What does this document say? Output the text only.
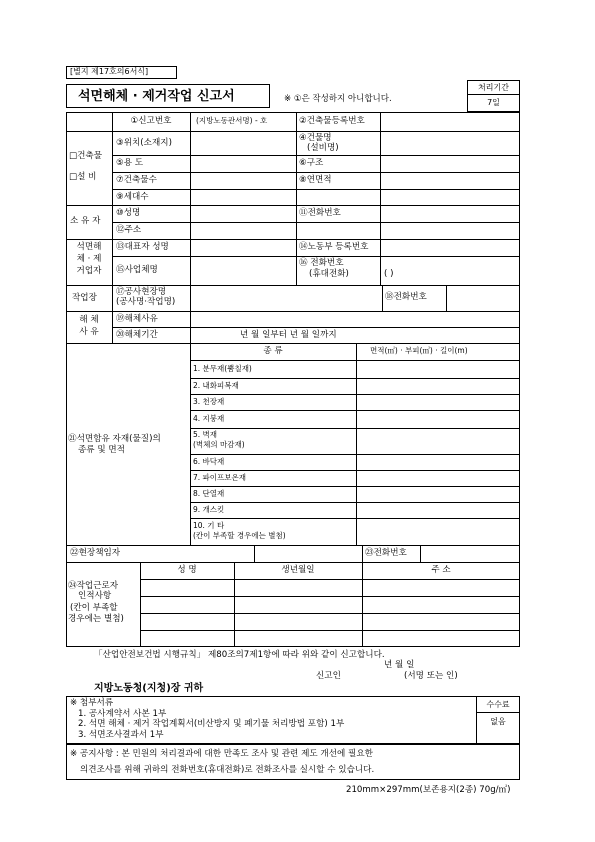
[별지 제17호의6서식]
석면해체 · 제거작업 신고서	※ ①은 작성하지 아니합니다.
처리기간
7일
①신고번호	(지방노동관서명) - 호	②건축물등록번호
□건축물
□설 비
③위치(소재지)	④건물명
(설비명)
⑤용 도	⑥구조
⑦건축물수	⑧연면적
⑨세대수
소 유 자
⑩성명	⑪전화번호
⑫주소
석면해
체 · 제
거업자
⑬대표자 성명	⑭노동부 등록번호
⑮사업체명
⑯ 전화번호
(휴대전화)	( )
작업장
⑰공사현장명
(공사명·작업명)	⑱전화번호
해 체
사 유
⑲해체사유
⑳해체기간	년 월 일부터 년 월 일까지
㉑석면함유 자재(물질)의
종류 및 면적
종 류	면적(㎡) · 부피(㎥) · 길이(m)
1. 분무재(뿜칠재)
2. 내화피복재
3. 천장재
4. 지붕재
5. 벽재
(벽체의 마감재)
6. 바닥재
7. 파이프보온재
8. 단열재
9. 개스킷
10. 기 타
(칸이 부족할 경우에는 별첨)
㉒현장책임자	㉓전화번호
㉔작업근로자
인적사항
(칸이 부족할
경우에는 별첨)
성 명	생년월일	주 소
「산업안전보건법 시행규칙」 제80조의7제1항에 따라 위와 같이 신고합니다.
년 월 일
신고인	(서명 또는 인)
지방노동청(지청)장 귀하
※ 첨부서류
1. 공사계약서 사본 1부
2. 석면 해체 · 제거 작업계획서(비산방지 및 폐기물 처리방법 포함) 1부
3. 석면조사결과서 1부
수수료
없음
※ 공지사항 : 본 민원의 처리결과에 대한 만족도 조사 및 관련 제도 개선에 필요한
의견조사를 위해 귀하의 전화번호(휴대전화)로 전화조사를 실시할 수 있습니다.
210mm×297mm(보존용지(2종) 70g/㎡)
